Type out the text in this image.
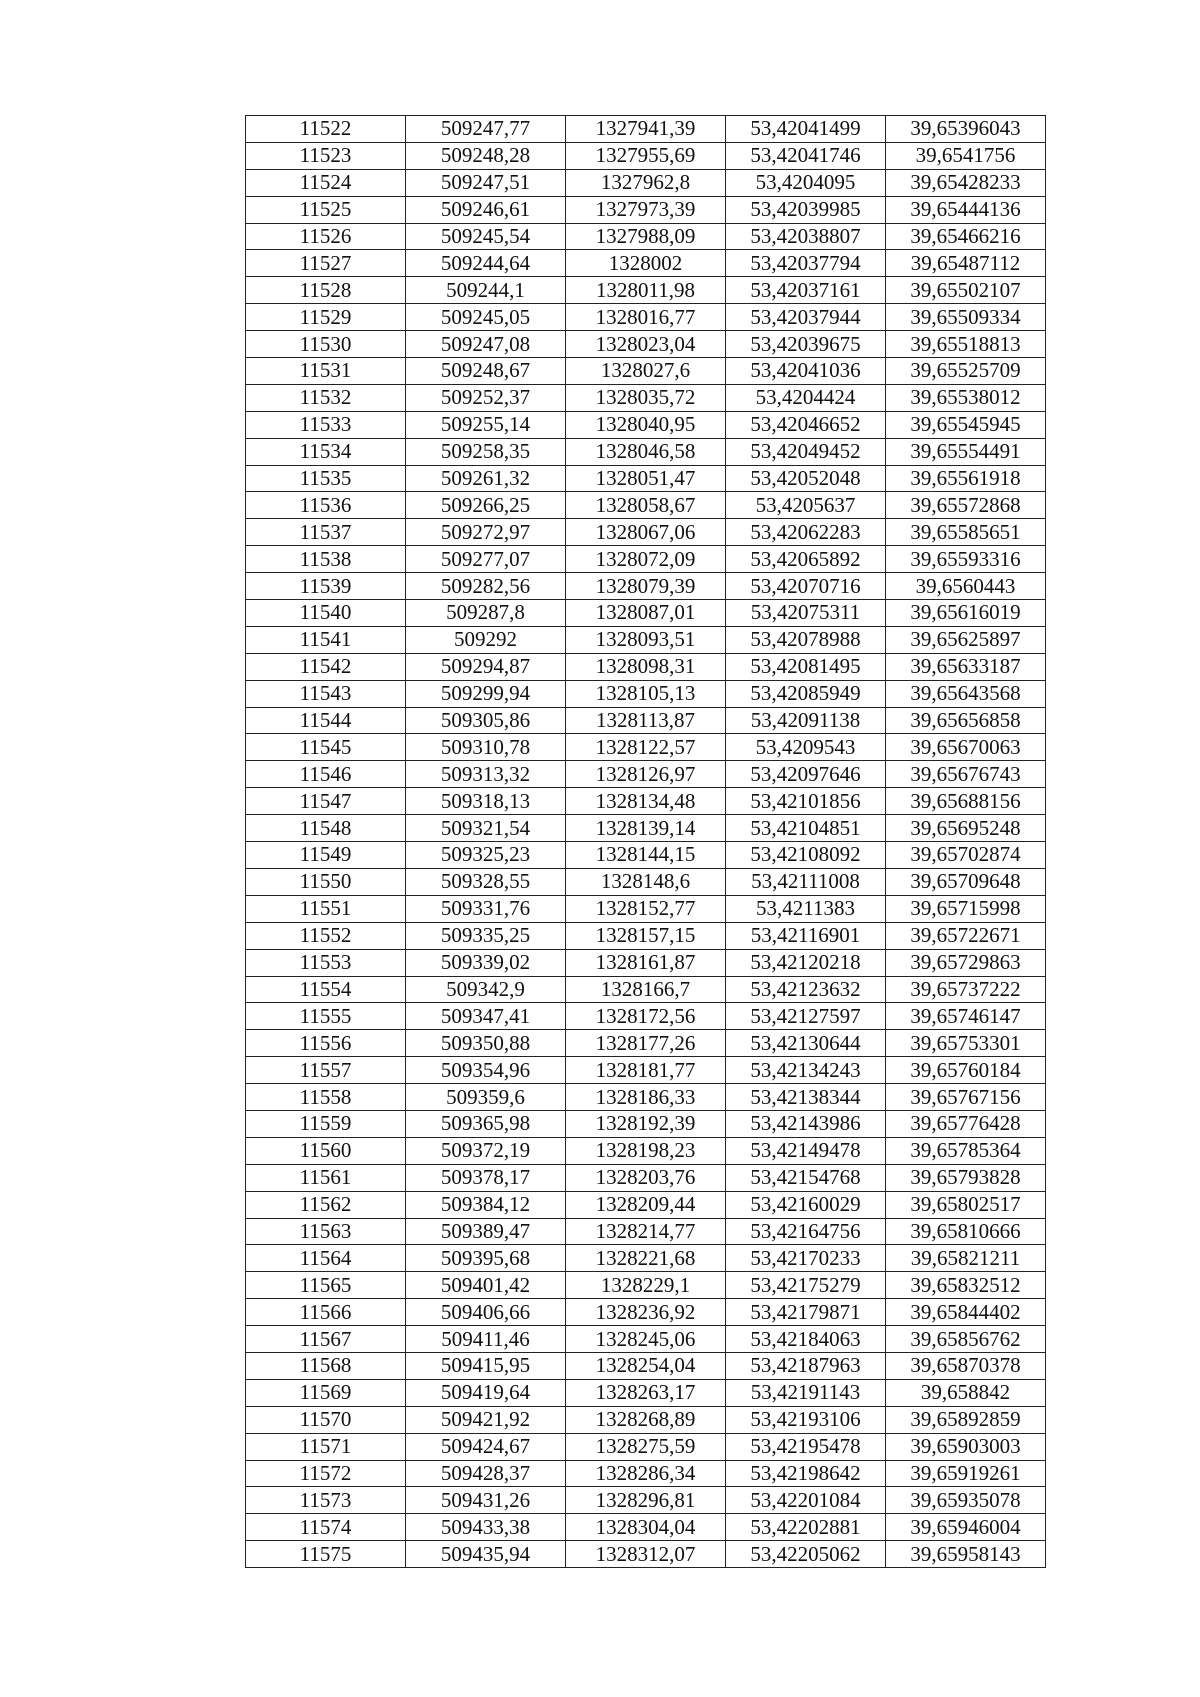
11522	509247,77	1327941,39	53,42041499	39,65396043
11523	509248,28	1327955,69	53,42041746	39,6541756
11524	509247,51	1327962,8	53,4204095	39,65428233
11525	509246,61	1327973,39	53,42039985	39,65444136
11526	509245,54	1327988,09	53,42038807	39,65466216
11527	509244,64	1328002	53,42037794	39,65487112
11528	509244,1	1328011,98	53,42037161	39,65502107
11529	509245,05	1328016,77	53,42037944	39,65509334
11530	509247,08	1328023,04	53,42039675	39,65518813
11531	509248,67	1328027,6	53,42041036	39,65525709
11532	509252,37	1328035,72	53,4204424	39,65538012
11533	509255,14	1328040,95	53,42046652	39,65545945
11534	509258,35	1328046,58	53,42049452	39,65554491
11535	509261,32	1328051,47	53,42052048	39,65561918
11536	509266,25	1328058,67	53,4205637	39,65572868
11537	509272,97	1328067,06	53,42062283	39,65585651
11538	509277,07	1328072,09	53,42065892	39,65593316
11539	509282,56	1328079,39	53,42070716	39,6560443
11540	509287,8	1328087,01	53,42075311	39,65616019
11541	509292	1328093,51	53,42078988	39,65625897
11542	509294,87	1328098,31	53,42081495	39,65633187
11543	509299,94	1328105,13	53,42085949	39,65643568
11544	509305,86	1328113,87	53,42091138	39,65656858
11545	509310,78	1328122,57	53,4209543	39,65670063
11546	509313,32	1328126,97	53,42097646	39,65676743
11547	509318,13	1328134,48	53,42101856	39,65688156
11548	509321,54	1328139,14	53,42104851	39,65695248
11549	509325,23	1328144,15	53,42108092	39,65702874
11550	509328,55	1328148,6	53,42111008	39,65709648
11551	509331,76	1328152,77	53,4211383	39,65715998
11552	509335,25	1328157,15	53,42116901	39,65722671
11553	509339,02	1328161,87	53,42120218	39,65729863
11554	509342,9	1328166,7	53,42123632	39,65737222
11555	509347,41	1328172,56	53,42127597	39,65746147
11556	509350,88	1328177,26	53,42130644	39,65753301
11557	509354,96	1328181,77	53,42134243	39,65760184
11558	509359,6	1328186,33	53,42138344	39,65767156
11559	509365,98	1328192,39	53,42143986	39,65776428
11560	509372,19	1328198,23	53,42149478	39,65785364
11561	509378,17	1328203,76	53,42154768	39,65793828
11562	509384,12	1328209,44	53,42160029	39,65802517
11563	509389,47	1328214,77	53,42164756	39,65810666
11564	509395,68	1328221,68	53,42170233	39,65821211
11565	509401,42	1328229,1	53,42175279	39,65832512
11566	509406,66	1328236,92	53,42179871	39,65844402
11567	509411,46	1328245,06	53,42184063	39,65856762
11568	509415,95	1328254,04	53,42187963	39,65870378
11569	509419,64	1328263,17	53,42191143	39,658842
11570	509421,92	1328268,89	53,42193106	39,65892859
11571	509424,67	1328275,59	53,42195478	39,65903003
11572	509428,37	1328286,34	53,42198642	39,65919261
11573	509431,26	1328296,81	53,42201084	39,65935078
11574	509433,38	1328304,04	53,42202881	39,65946004
11575	509435,94	1328312,07	53,42205062	39,65958143
